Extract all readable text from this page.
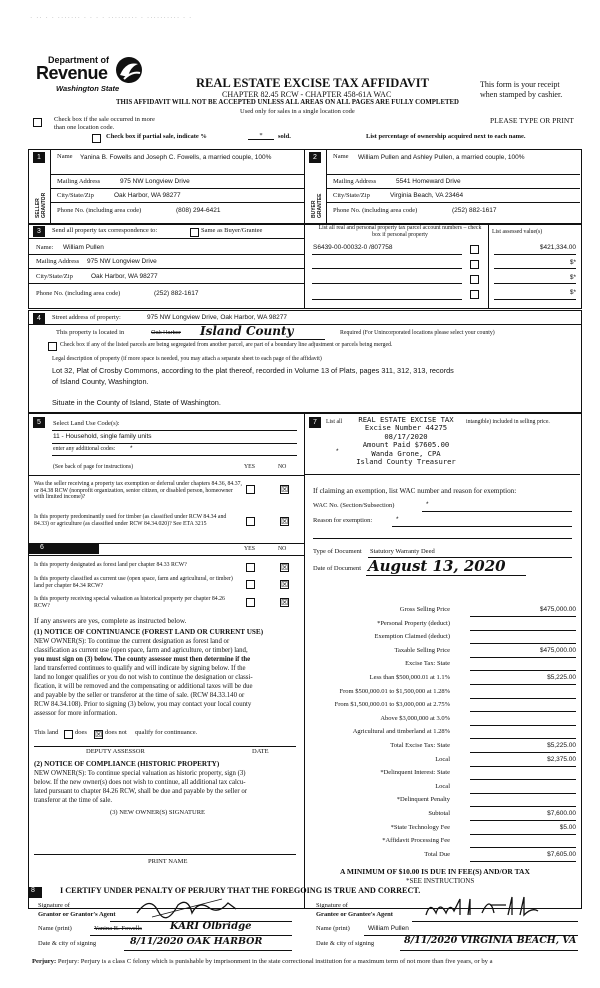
· ·· · · ······· · · · · ········· · ·········· · ·
Department of
Revenue
Washington State	REAL ESTATE EXCISE TAX AFFIDAVIT
CHAPTER 82.45 RCW - CHAPTER 458-61A WAC
THIS AFFIDAVIT WILL NOT BE ACCEPTED UNLESS ALL AREAS ON ALL PAGES ARE FULLY COMPLETED
Used only for sales in a single location code
This form is your receipt
when stamped by cashier.
PLEASE TYPE OR PRINT
Check box if the sale occurred in more than one location code.
Check box if partial sale, indicate %	*	sold.	List percentage of ownership acquired next to each name.
1
SELLER GRANTOR
Name Yanina B. Fowells and Joseph C. Fowells, a married couple, 100%
Mailing Address	975 NW Longview Drive
City/State/Zip	Oak Harbor, WA 98277
Phone No. (including area code)	(808) 294-6421
2
BUYER GRANTEE
Name William Pullen and Ashley Pullen, a married couple, 100%
Mailing Address	5541 Homeward Drive
City/State/Zip	Virginia Beach, VA 23464
Phone No. (including area code)	(252) 882-1617
3	Send all property tax correspondence to:	Same as Buyer/Grantee
Name: William Pullen
Mailing Address 975 NW Longview Drive
City/State/Zip	Oak Harbor, WA 98277
Phone No. (including area code)	(252) 882-1617
List all real and personal property tax parcel account numbers – check box if personal property	List assessed value(s)
S6439-00-00032-0 /807758	$421,334.00
$*
$*
$*
4	Street address of property:	975 NW Longview Drive, Oak Harbor, WA 98277
This property is located in	Oak Harbor Island County	Required (For Unincorporated locations please select your county)
Check box if any of the listed parcels are being segregated from another parcel, are part of a boundary line adjustment or parcels being merged.
Legal description of property (if more space is needed, you may attach a separate sheet to each page of the affidavit)
Lot 32, Plat of Crosby Commons, according to the plat thereof, recorded in Volume 13 of Plats, pages 311, 312, 313, records
of Island County, Washington.
Situate in the County of Island, State of Washington.
5	Select Land Use Code(s):
11 - Household, single family units
enter any additional codes: *
(See back of page for instructions)	YES	NO
Was the seller receiving a property tax exemption or deferral under chapters 84.36, 84.37, or 84.38 RCW (nonprofit organization, senior citizen, or disabled person, homeowner with limited income)?
☒
Is this property predominantly used for timber (as classified under RCW 84.34 and 84.33) or agriculture (as classified under RCW 84.34.020)? See ETA 3215	☒
6	YES	NO
Is this property designated as forest land per chapter 84.33 RCW?	☒
Is this property classified as current use (open space, farm and agricultural, or timber) land per chapter 84.34 RCW?	☒
Is this property receiving special valuation as historical property per chapter 84.26 RCW?	☒
If any answers are yes, complete as instructed below.
(1) NOTICE OF CONTINUANCE (FOREST LAND OR CURRENT USE)
NEW OWNER(S): To continue the current designation as forest land or
classification as current use (open space, farm and agriculture, or timber) land,
you must sign on (3) below. The county assessor must then determine if the
land transferred continues to qualify and will indicate by signing below. If the
land no longer qualifies or you do not wish to continue the designation or classi-
fication, it will be removed and the compensating or additional taxes will be due
and payable by the seller or transferor at the time of sale. (RCW 84.33.140 or
RCW 84.34.108). Prior to signing (3) below, you may contact your local county
assessor for more information.
This land	does ☒ does not qualify for continuance.
DEPUTY ASSESSOR	DATE
(2) NOTICE OF COMPLIANCE (HISTORIC PROPERTY)
NEW OWNER(S): To continue special valuation as historic property, sign (3)
below. If the new owner(s) does not wish to continue, all additional tax calcu-
lated pursuant to chapter 84.26 RCW, shall be due and payable by the seller or
transferor at the time of sale.
(3) NEW OWNER(S) SIGNATURE
PRINT NAME
7	List all	intangible) included in selling price.
*
REAL ESTATE EXCISE TAX
Excise Number 44275
08/17/2020
Amount Paid $7605.00
Wanda Grone, CPA
Island County Treasurer
If claiming an exemption, list WAC number and reason for exemption:
WAC No. (Section/Subsection)	*
Reason for exemption:	*
Type of Document Statutory Warranty Deed
Date of Document August 13, 2020
Gross Selling Price	$475,000.00
*Personal Property (deduct)
Exemption Claimed (deduct)
Taxable Selling Price	$475,000.00
Excise Tax: State
Less than $500,000.01 at 1.1%	$5,225.00
From $500,000.01 to $1,500,000 at 1.28%
From $1,500,000.01 to $3,000,000 at 2.75%
Above $3,000,000 at 3.0%
Agricultural and timberland at 1.28%
Total Excise Tax: State	$5,225.00
Local	$2,375.00
*Delinquent Interest: State
Local
*Delinquent Penalty
Subtotal	$7,600.00
*State Technology Fee	$5.00
*Affidavit Processing Fee
Total Due	$7,605.00
A MINIMUM OF $10.00 IS DUE IN FEE(S) AND/OR TAX
*SEE INSTRUCTIONS
8	I CERTIFY UNDER PENALTY OF PERJURY THAT THE FOREGOING IS TRUE AND CORRECT.
Signature of
Grantor or Grantor's Agent
Name (print)	Yanina B. Fowells	KARI Olbridge
Date & city of signing	8/11/2020 OAK HARBOR
Signature of
Grantee or Grantee's Agent
Name (print)	William Pullen
Date & city of signing	8/11/2020 VIRGINIA BEACH, VA
Perjury: Perjury: Perjury is a class C felony which is punishable by imprisonment in the state correctional institution for a maximum term of not more than five years, or by a
